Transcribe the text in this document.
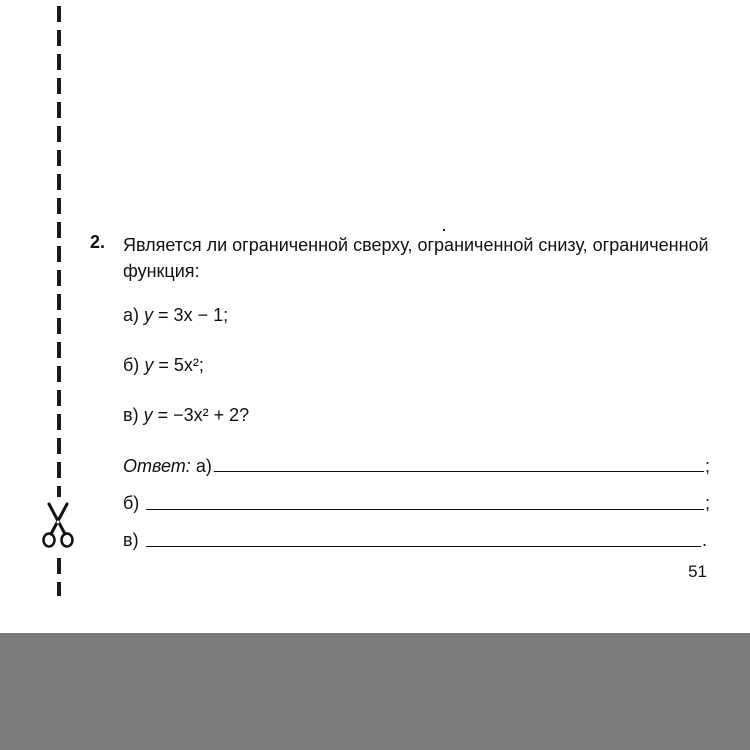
2. Является ли ограниченной сверху, ограниченной снизу, ограниченной функция:
а) y = 3x − 1;
б) y = 5x²;
в) y = −3x² + 2?
Ответ: а)	;
б)	;
в)	.
51
